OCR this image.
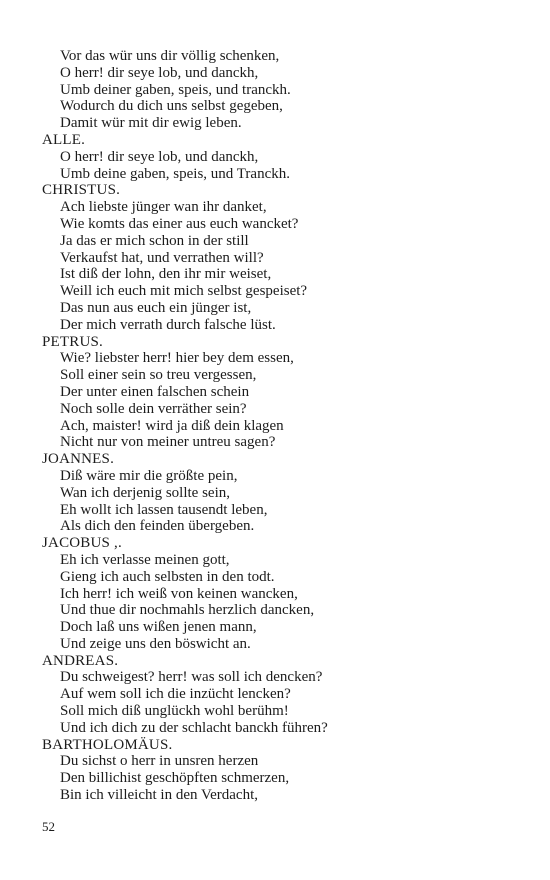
Vor das wür uns dir völlig schenken,
O herr! dir seye lob, und danckh,
Umb deiner gaben, speis, und tranckh.
Wodurch du dich uns selbst gegeben,
Damit wür mit dir ewig leben.
ALLE.
O herr! dir seye lob, und danckh,
Umb deine gaben, speis, und Tranckh.
CHRISTUS.
Ach liebste jünger wan ihr danket,
Wie komts das einer aus euch wancket?
Ja das er mich schon in der still
Verkaufst hat, und verrathen will?
Ist diß der lohn, den ihr mir weiset,
Weill ich euch mit mich selbst gespeiset?
Das nun aus euch ein jünger ist,
Der mich verrath durch falsche lüst.
PETRUS.
Wie? liebster herr! hier bey dem essen,
Soll einer sein so treu vergessen,
Der unter einen falschen schein
Noch solle dein verräther sein?
Ach, maister! wird ja diß dein klagen
Nicht nur von meiner untreu sagen?
JOANNES.
Diß wäre mir die größte pein,
Wan ich derjenig sollte sein,
Eh wollt ich lassen tausendt leben,
Als dich den feinden übergeben.
JACOBUS ,.
Eh ich verlasse meinen gott,
Gieng ich auch selbsten in den todt.
Ich herr! ich weiß von keinen wancken,
Und thue dir nochmahls herzlich dancken,
Doch laß uns wißen jenen mann,
Und zeige uns den böswicht an.
ANDREAS.
Du schweigest? herr! was soll ich dencken?
Auf wem soll ich die inzücht lencken?
Soll mich diß unglückh wohl berühm!
Und ich dich zu der schlacht banckh führen?
BARTHOLOMÄUS.
Du sichst o herr in unsren herzen
Den billichist geschöpften schmerzen,
Bin ich villeicht in den Verdacht,
52
